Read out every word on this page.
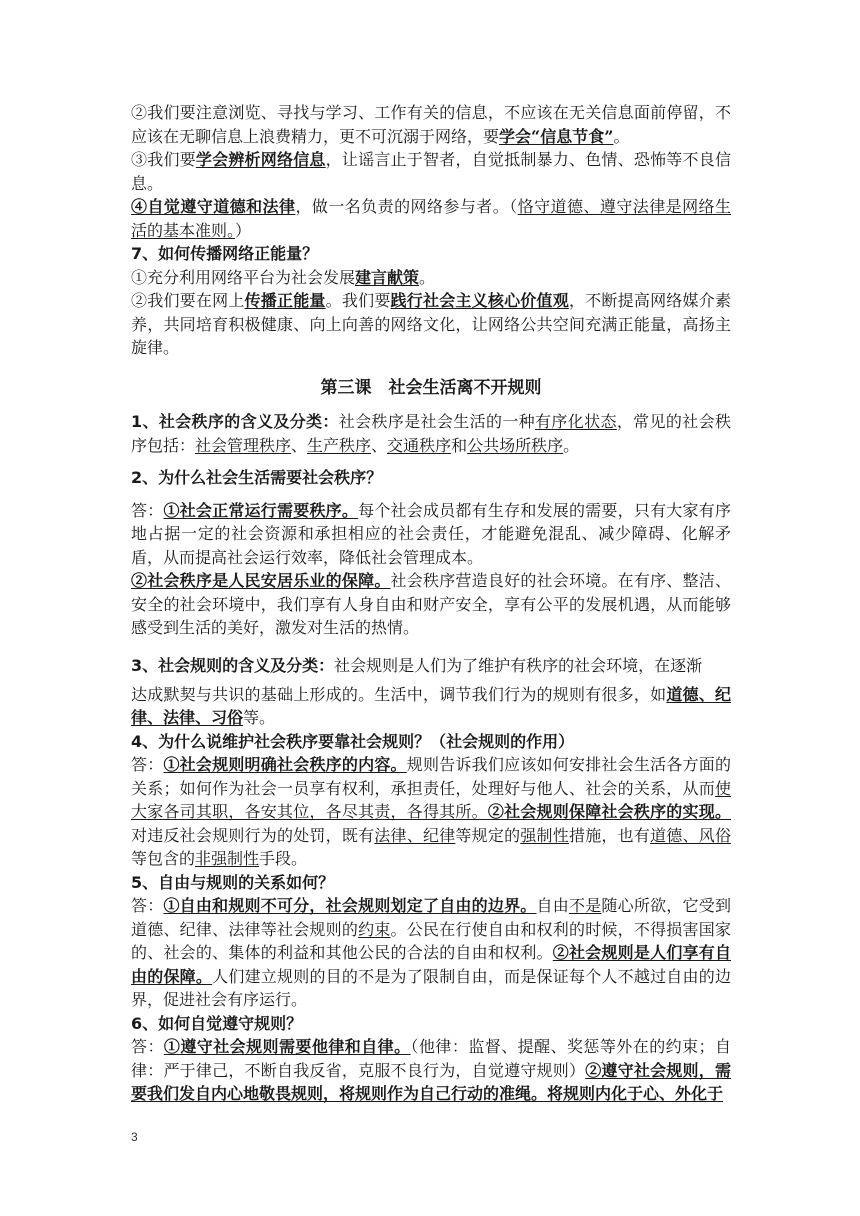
②我们要注意浏览、寻找与学习、工作有关的信息，不应该在无关信息面前停留，不应该在无聊信息上浪费精力，更不可沉溺于网络，要学会“信息节食”。

③我们要学会辨析网络信息，让谣言止于智者，自觉抵制暴力、色情、恐怖等不良信息。

④自觉遵守道德和法律，做一名负责的网络参与者。（恪守道德、遵守法律是网络生活的基本准则。）

7、如何传播网络正能量？

①充分利用网络平台为社会发展建言献策。

②我们要在网上传播正能量。我们要践行社会主义核心价值观，不断提高网络媒介素养，共同培育积极健康、向上向善的网络文化，让网络公共空间充满正能量，高扬主旋律。

第三课　社会生活离不开规则

1、社会秩序的含义及分类：社会秩序是社会生活的一种有序化状态，常见的社会秩序包括：社会管理秩序、生产秩序、交通秩序和公共场所秩序。

2、为什么社会生活需要社会秩序？

答：①社会正常运行需要秩序。每个社会成员都有生存和发展的需要，只有大家有序地占据一定的社会资源和承担相应的社会责任，才能避免混乱、减少障碍、化解矛盾，从而提高社会运行效率，降低社会管理成本。

②社会秩序是人民安居乐业的保障。社会秩序营造良好的社会环境。在有序、整洁、安全的社会环境中，我们享有人身自由和财产安全，享有公平的发展机遇，从而能够感受到生活的美好，激发对生活的热情。

3、社会规则的含义及分类：社会规则是人们为了维护有秩序的社会环境，在逐渐
达成默契与共识的基础上形成的。生活中，调节我们行为的规则有很多，如道德、纪律、法律、习俗等。

4、为什么说维护社会秩序要靠社会规则？（社会规则的作用）

答：①社会规则明确社会秩序的内容。规则告诉我们应该如何安排社会生活各方面的关系；如何作为社会一员享有权利，承担责任，处理好与他人、社会的关系，从而使大家各司其职，各安其位，各尽其责，各得其所。②社会规则保障社会秩序的实现。对违反社会规则行为的处罚，既有法律、纪律等规定的强制性措施，也有道德、风俗等包含的非强制性手段。

5、自由与规则的关系如何？

答：①自由和规则不可分，社会规则划定了自由的边界。自由不是随心所欲，它受到道德、纪律、法律等社会规则的约束。公民在行使自由和权利的时候，不得损害国家的、社会的、集体的利益和其他公民的合法的自由和权利。②社会规则是人们享有自由的保障。人们建立规则的目的不是为了限制自由，而是保证每个人不越过自由的边界，促进社会有序运行。

6、如何自觉遵守规则？

答：①遵守社会规则需要他律和自律。（他律：监督、提醒、奖惩等外在的约束；自律：严于律己，不断自我反省，克服不良行为，自觉遵守规则）②遵守社会规则，需要我们发自内心地敬畏规则，将规则作为自己行动的准绳。将规则内化于心、外化于

3
